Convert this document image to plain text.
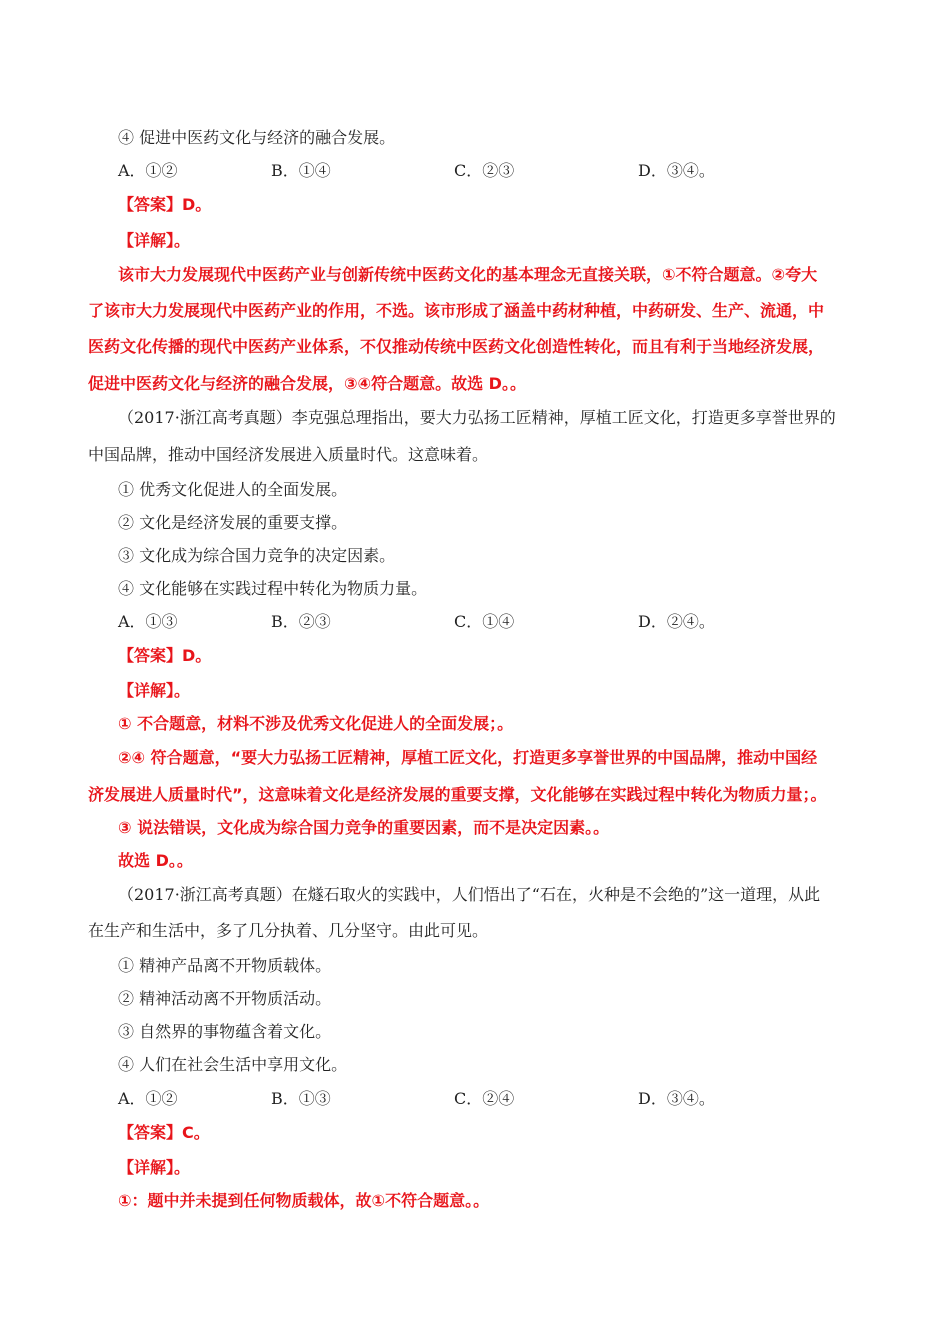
④ 促进中医药文化与经济的融合发展。
A．①②	B．①④	C．②③	D．③④。
【答案】D。
【详解】。
该市大力发展现代中医药产业与创新传统中医药文化的基本理念无直接关联，①不符合题意。②夸大
了该市大力发展现代中医药产业的作用，不选。该市形成了涵盖中药材种植，中药研发、生产、流通，中
医药文化传播的现代中医药产业体系，不仅推动传统中医药文化创造性转化，而且有利于当地经济发展，
促进中医药文化与经济的融合发展，③④符合题意。故选 D。。
（2017·浙江高考真题）李克强总理指出，要大力弘扬工匠精神，厚植工匠文化，打造更多享誉世界的
中国品牌，推动中国经济发展进入质量时代。这意味着。
① 优秀文化促进人的全面发展。
② 文化是经济发展的重要支撑。
③ 文化成为综合国力竞争的决定因素。
④ 文化能够在实践过程中转化为物质力量。
A．①③	B．②③	C．①④	D．②④。
【答案】D。
【详解】。
① 不合题意，材料不涉及优秀文化促进人的全面发展；。
②④ 符合题意，“要大力弘扬工匠精神，厚植工匠文化，打造更多享誉世界的中国品牌，推动中国经
济发展进人质量时代”，这意味着文化是经济发展的重要支撑，文化能够在实践过程中转化为物质力量；。
③ 说法错误，文化成为综合国力竞争的重要因素，而不是决定因素。。
故选 D。。
（2017·浙江高考真题）在燧石取火的实践中，人们悟出了“石在，火种是不会绝的”这一道理，从此
在生产和生活中，多了几分执着、几分坚守。由此可见。
① 精神产品离不开物质载体。
② 精神活动离不开物质活动。
③ 自然界的事物蕴含着文化。
④ 人们在社会生活中享用文化。
A．①②	B．①③	C．②④	D．③④。
【答案】C。
【详解】。
①：题中并未提到任何物质载体，故①不符合题意。。
